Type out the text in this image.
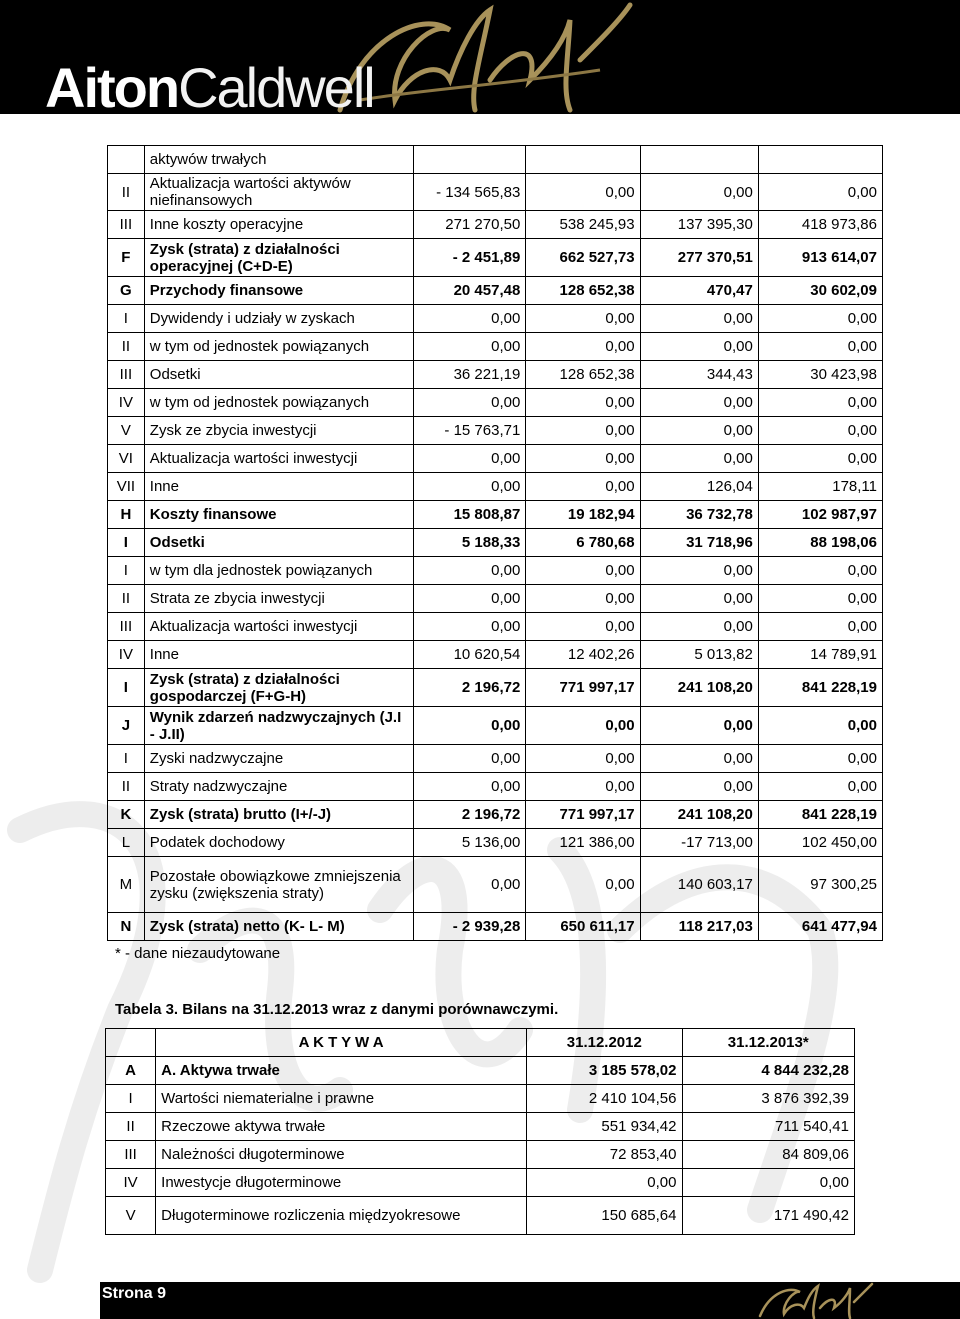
AitonCaldwell
	aktywów trwałych				
II	Aktualizacja wartości aktywów niefinansowych	- 134 565,83	0,00	0,00	0,00
III	Inne koszty operacyjne	271 270,50	538 245,93	137 395,30	418 973,86
F	Zysk (strata) z działalności operacyjnej (C+D-E)	- 2 451,89	662 527,73	277 370,51	913 614,07
G	Przychody finansowe	20 457,48	128 652,38	470,47	30 602,09
I	Dywidendy i udziały w zyskach	0,00	0,00	0,00	0,00
II	w tym od jednostek powiązanych	0,00	0,00	0,00	0,00
III	Odsetki	36 221,19	128 652,38	344,43	30 423,98
IV	w tym od jednostek powiązanych	0,00	0,00	0,00	0,00
V	Zysk ze zbycia inwestycji	- 15 763,71	0,00	0,00	0,00
VI	Aktualizacja wartości inwestycji	0,00	0,00	0,00	0,00
VII	Inne	0,00	0,00	126,04	178,11
H	Koszty finansowe	15 808,87	19 182,94	36 732,78	102 987,97
I	Odsetki	5 188,33	6 780,68	31 718,96	88 198,06
I	w tym dla jednostek powiązanych	0,00	0,00	0,00	0,00
II	Strata ze zbycia inwestycji	0,00	0,00	0,00	0,00
III	Aktualizacja wartości inwestycji	0,00	0,00	0,00	0,00
IV	Inne	10 620,54	12 402,26	5 013,82	14 789,91
I	Zysk (strata) z działalności gospodarczej (F+G-H)	2 196,72	771 997,17	241 108,20	841 228,19
J	Wynik zdarzeń nadzwyczajnych (J.I - J.II)	0,00	0,00	0,00	0,00
I	Zyski nadzwyczajne	0,00	0,00	0,00	0,00
II	Straty nadzwyczajne	0,00	0,00	0,00	0,00
K	Zysk (strata) brutto (I+/-J)	2 196,72	771 997,17	241 108,20	841 228,19
L	Podatek dochodowy	5 136,00	121 386,00	-17 713,00	102 450,00
M	Pozostałe obowiązkowe zmniejszenia zysku (zwiększenia straty)	0,00	0,00	140 603,17	97 300,25
N	Zysk (strata) netto (K- L- M)	- 2 939,28	650 611,17	118 217,03	641 477,94
* - dane niezaudytowane
Tabela 3. Bilans na 31.12.2013 wraz z danymi porównawczymi.
	A K T Y W A	31.12.2012	31.12.2013*
A	A. Aktywa trwałe	3 185 578,02	4 844 232,28
I	Wartości niematerialne i prawne	2 410 104,56	3 876 392,39
II	Rzeczowe aktywa trwałe	551 934,42	711 540,41
III	Należności długoterminowe	72 853,40	84 809,06
IV	Inwestycje długoterminowe	0,00	0,00
V	Długoterminowe rozliczenia międzyokresowe	150 685,64	171 490,42
Strona 9
